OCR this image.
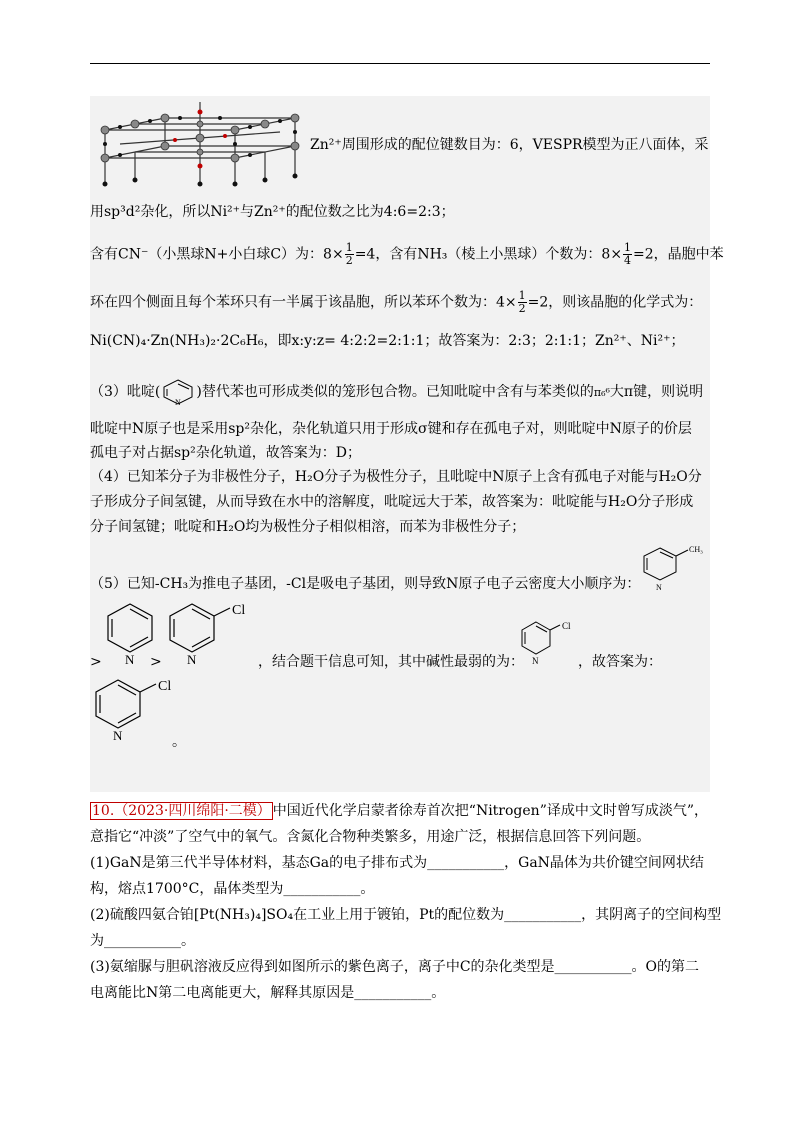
Zn²⁺周围形成的配位键数目为：6，VESPR模型为正八面体，采
用sp³d²杂化，所以Ni²⁺与Zn²⁺的配位数之比为4:6=2:3；
含有CN⁻（小黑球N+小白球C）为：$8\times \frac{1}{2} =4$，含有NH₃（棱上小黑球）个数为：$8\times \frac{1}{4} =2$，晶胞中苯
环在四个侧面且每个苯环只有一半属于该晶胞，所以苯环个数为：$4\times \frac{1}{2} =2$，则该晶胞的化学式为：
Ni(CN)₄·Zn(NH₃)₂·2C₆H₆，即x:y:z= 4:2:2=2:1:1；故答案为：2:3；2:1:1；Zn²⁺、Ni²⁺；
（3）吡啶(
N
)替代苯也可形成类似的笼形包合物。已知吡啶中含有与苯类似的π₆⁶大π键，则说明
吡啶中N原子也是采用sp²杂化，杂化轨道只用于形成σ键和存在孤电子对，则吡啶中N原子的价层
孤电子对占据sp²杂化轨道，故答案为：D；
（4）已知苯分子为非极性分子，H₂O分子为极性分子，且吡啶中N原子上含有孤电子对能与H₂O分
子形成分子间氢键，从而导致在水中的溶解度，吡啶远大于苯，故答案为：吡啶能与H₂O分子形成
分子间氢键；吡啶和H₂O均为极性分子相似相溶，而苯为非极性分子；
CH₃
N
（5）已知-CH₃为推电子基团，-Cl是吸电子基团，则导致N原子电子云密度大小顺序为：
N
>	>
Cl
N	，结合题干信息可知，其中碱性最弱的为：
Cl
N	，故答案为：
Cl
N	。
10.（2023·四川绵阳·二模） 中国近代化学启蒙者徐寿首次把“Nitrogen”译成中文时曾写成淡气”，
意指它“冲淡”了空气中的氧气。含氮化合物种类繁多，用途广泛，根据信息回答下列问题。
(1)GaN是第三代半导体材料，基态Ga的电子排布式为___________，GaN晶体为共价键空间网状结
构，熔点1700°C，晶体类型为___________。
(2)硫酸四氨合铂[Pt(NH₃)₄]SO₄在工业上用于镀铂，Pt的配位数为___________，其阴离子的空间构型
为___________。
(3)氨缩脲与胆矾溶液反应得到如图所示的紫色离子，离子中C的杂化类型是___________。O的第二
电离能比N第二电离能更大，解释其原因是___________。
